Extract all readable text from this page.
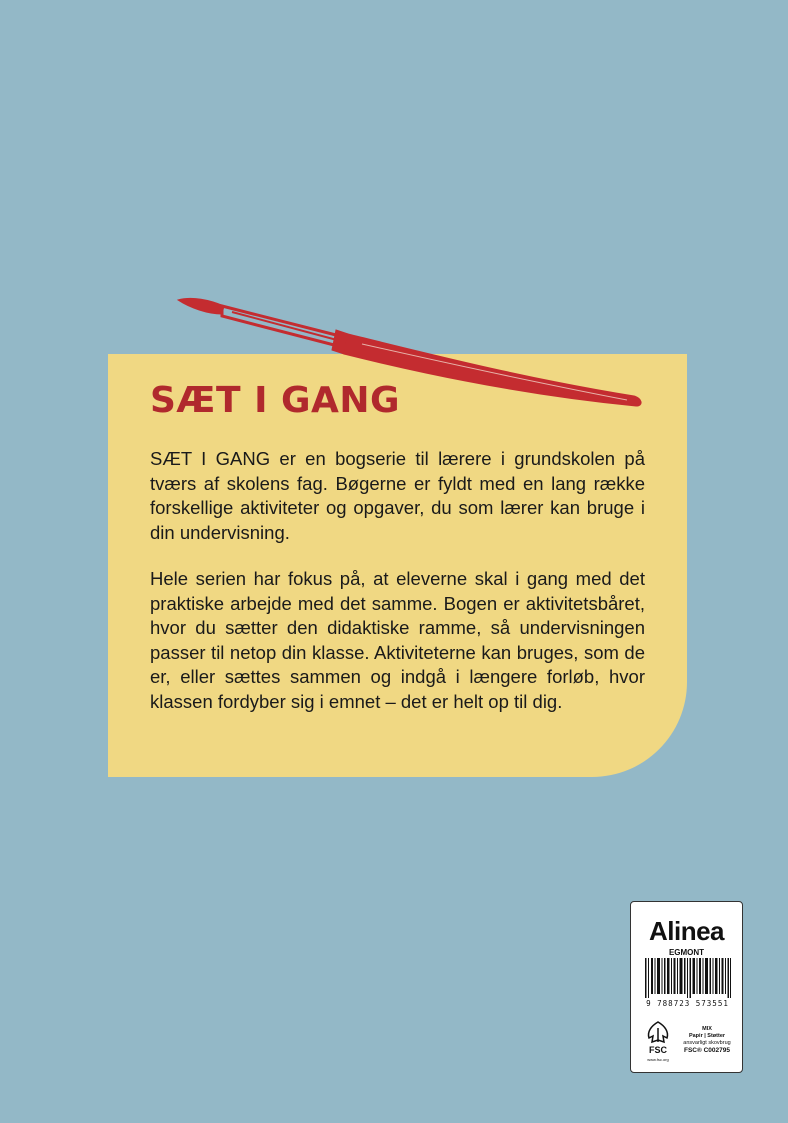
SÆT I GANG

SÆT I GANG er en bogserie til lærere i grundskolen på tværs af skolens fag. Bøgerne er fyldt med en lang række forskellige aktiviteter og opgaver, du som lærer kan bruge i din undervisning.

Hele serien har fokus på, at eleverne skal i gang med det praktiske arbejde med det samme. Bogen er aktivitetsbåret, hvor du sætter den didaktiske ramme, så undervisningen passer til netop din klasse. Aktiviteterne kan bruges, som de er, eller sættes sammen og indgå i længere forløb, hvor klassen fordyber sig i emnet – det er helt op til dig.

Alinea
EGMONT
9 788723 573551
FSC
www.fsc.org
MIX
Papir | Støtter
ansvarligt skovbrug
FSC® C002795
